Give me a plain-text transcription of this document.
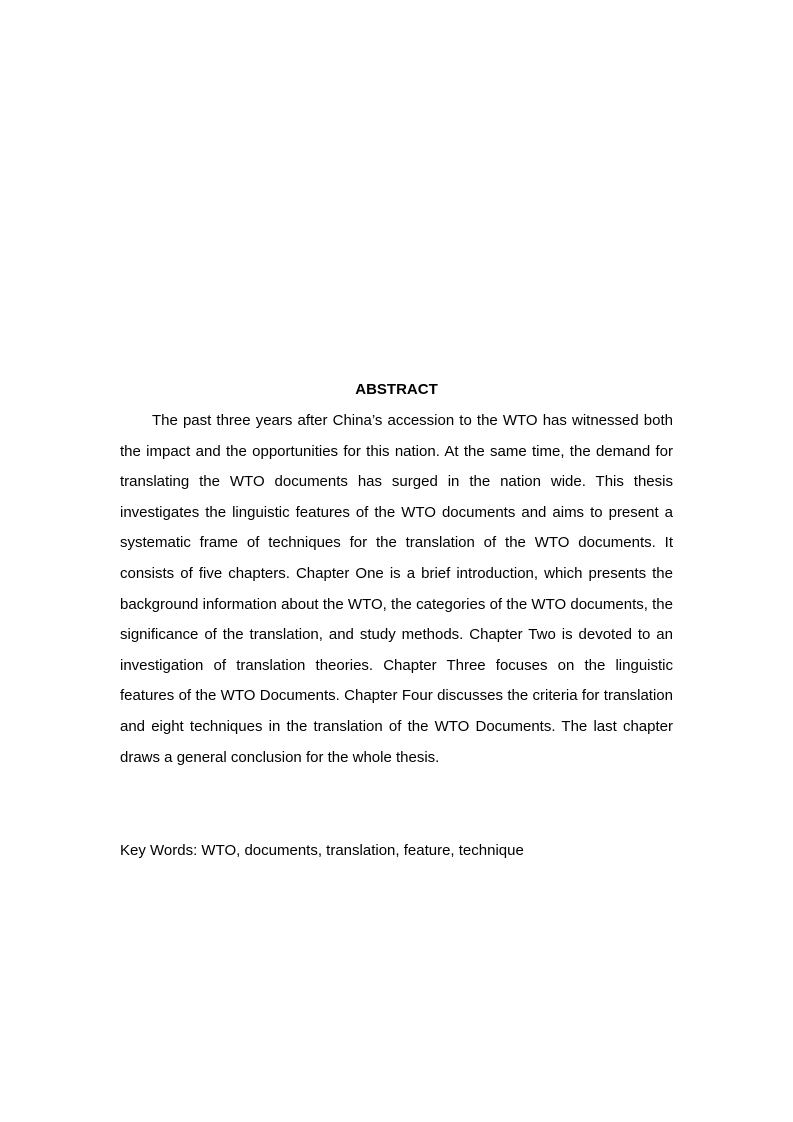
ABSTRACT

The past three years after China’s accession to the WTO has witnessed both the impact and the opportunities for this nation. At the same time, the demand for translating the WTO documents has surged in the nation wide. This thesis investigates the linguistic features of the WTO documents and aims to present a systematic frame of techniques for the translation of the WTO documents. It consists of five chapters. Chapter One is a brief introduction, which presents the background information about the WTO, the categories of the WTO documents, the significance of the translation, and study methods. Chapter Two is devoted to an investigation of translation theories. Chapter Three focuses on the linguistic features of the WTO Documents. Chapter Four discusses the criteria for translation and eight techniques in the translation of the WTO Documents. The last chapter draws a general conclusion for the whole thesis.

Key Words: WTO, documents, translation, feature, technique
